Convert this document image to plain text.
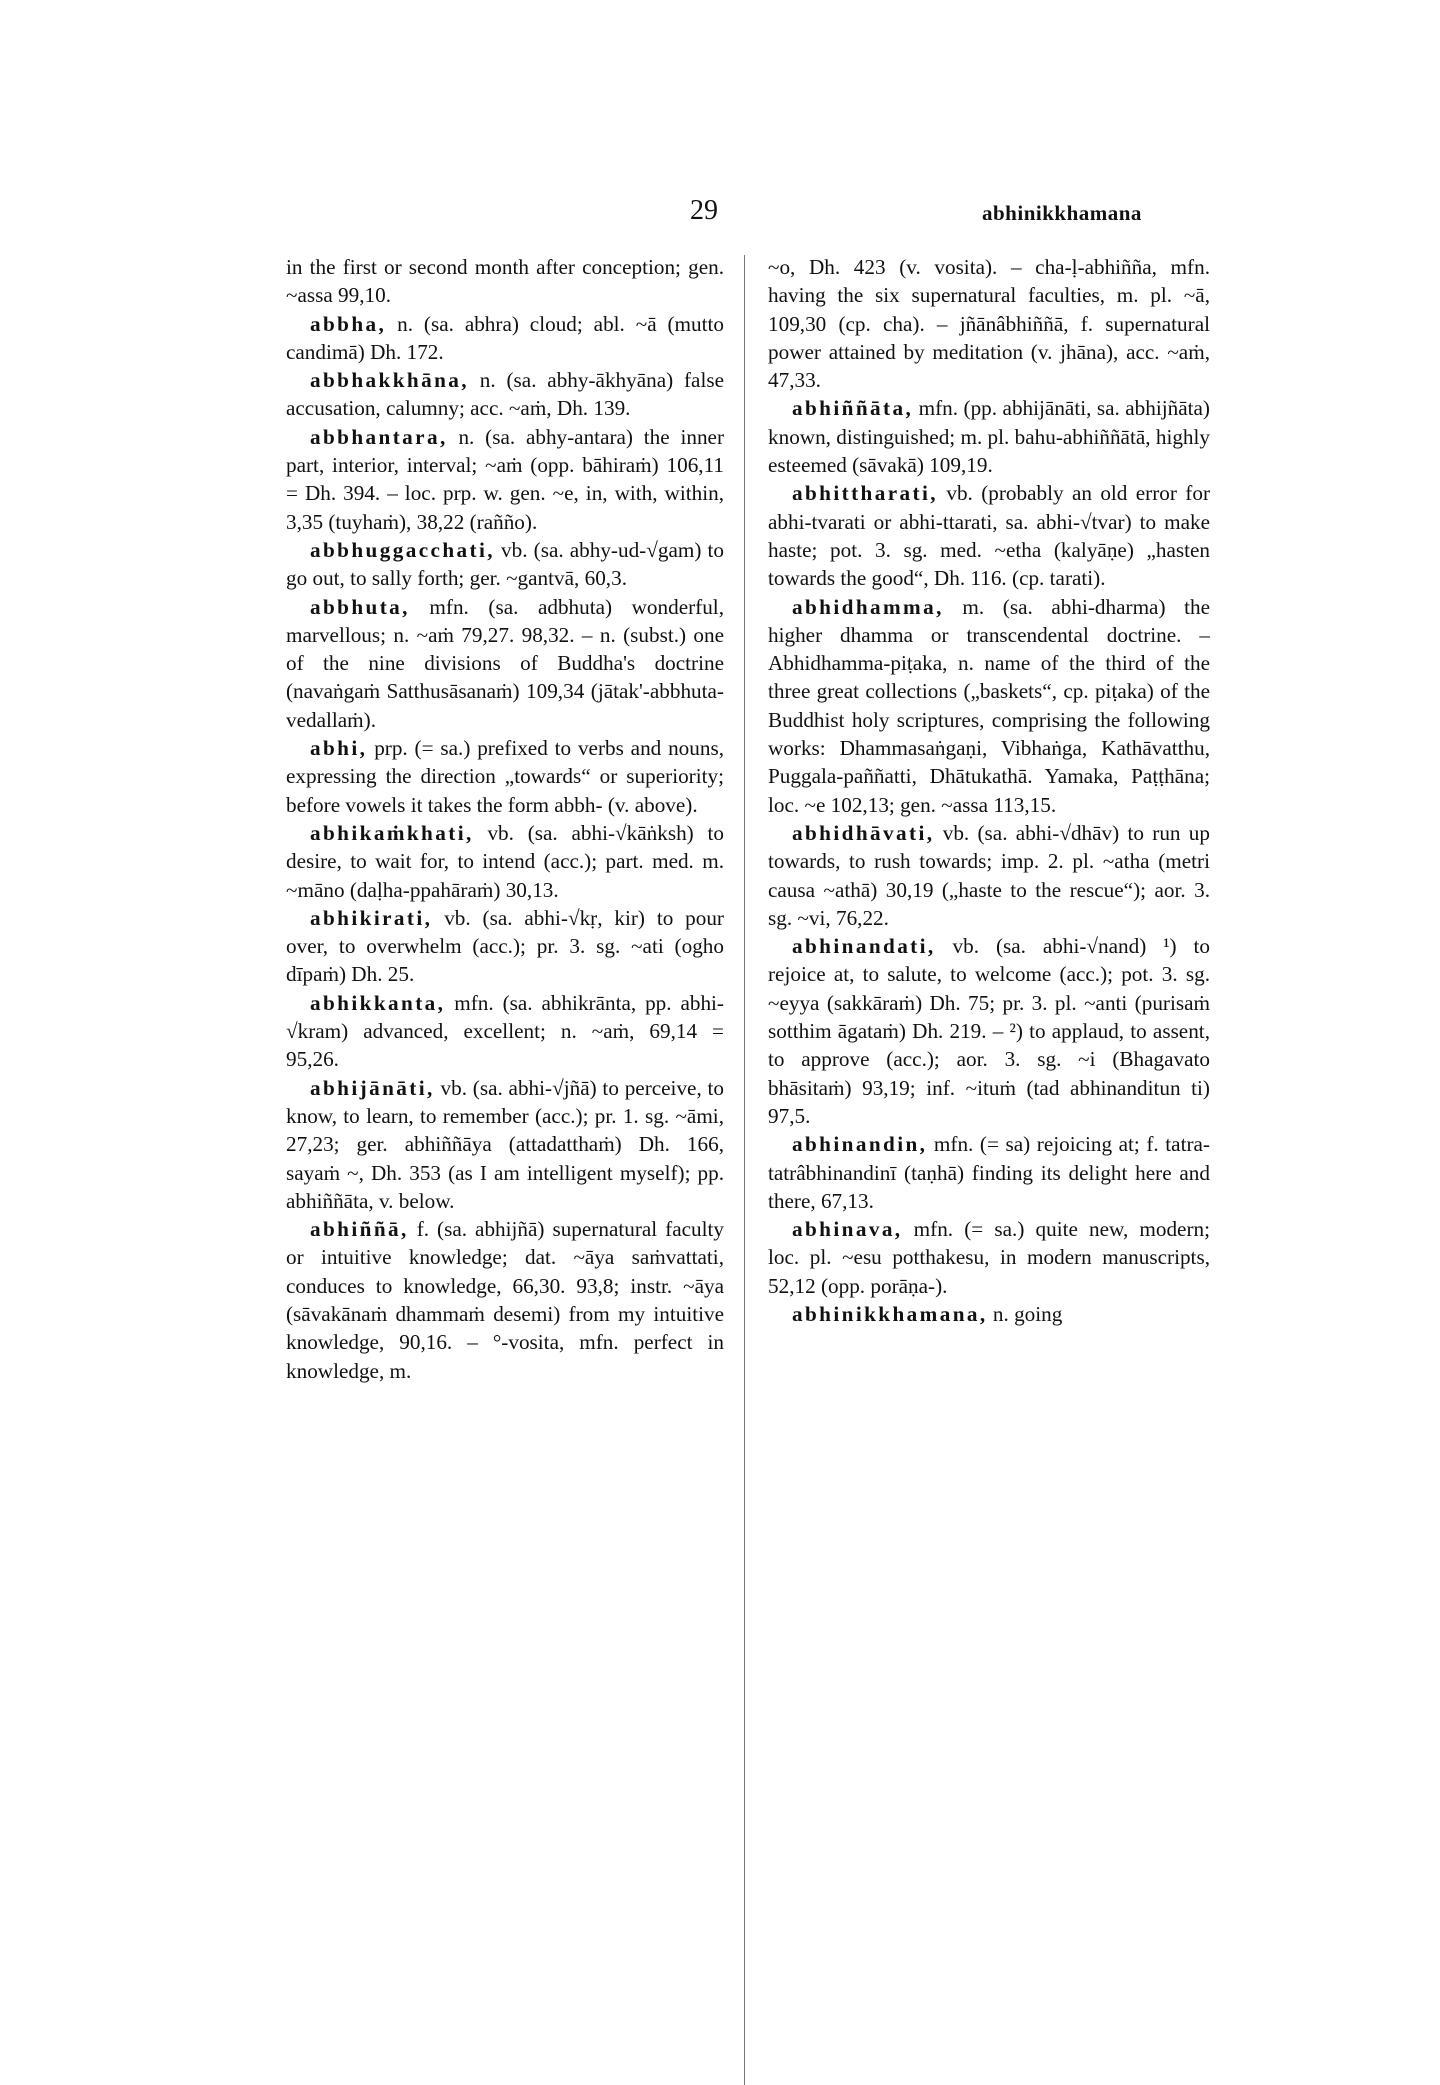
29	abhinikkhamana

in the first or second month after conception; gen. ~assa 99,10.

abbha, n. (sa. abhra) cloud; abl. ~ā (mutto candimā) Dh. 172.

abbhakkhāna, n. (sa. abhy-ākhyāna) false accusation, calumny; acc. ~aṁ, Dh. 139.

abbhantara, n. (sa. abhy-antara) the inner part, interior, interval; ~aṁ (opp. bāhiraṁ) 106,11 = Dh. 394. – loc. prp. w. gen. ~e, in, with, within, 3,35 (tuyhaṁ), 38,22 (rañño).

abbhuggacchati, vb. (sa. abhy-ud-√gam) to go out, to sally forth; ger. ~gantvā, 60,3.

abbhuta, mfn. (sa. adbhuta) wonderful, marvellous; n. ~aṁ 79,27. 98,32. – n. (subst.) one of the nine divisions of Buddha's doctrine (navaṅgaṁ Satthusāsanaṁ) 109,34 (jātak'-abbhuta-vedallaṁ).

abhi, prp. (= sa.) prefixed to verbs and nouns, expressing the direction „towards“ or superiority; before vowels it takes the form abbh- (v. above).

abhikaṁkhati, vb. (sa. abhi-√kāṅksh) to desire, to wait for, to intend (acc.); part. med. m. ~māno (daḷha-ppahāraṁ) 30,13.

abhikirati, vb. (sa. abhi-√kṛ, kir) to pour over, to overwhelm (acc.); pr. 3. sg. ~ati (ogho dīpaṁ) Dh. 25.

abhikkanta, mfn. (sa. abhikrānta, pp. abhi-√kram) advanced, excellent; n. ~aṁ, 69,14 = 95,26.

abhijānāti, vb. (sa. abhi-√jñā) to perceive, to know, to learn, to remember (acc.); pr. 1. sg. ~āmi, 27,23; ger. abhiññāya (attadatthaṁ) Dh. 166, sayaṁ ~, Dh. 353 (as I am intelligent myself); pp. abhiññāta, v. below.

abhiññā, f. (sa. abhijñā) supernatural faculty or intuitive knowledge; dat. ~āya saṁvattati, conduces to knowledge, 66,30. 93,8; instr. ~āya (sāvakānaṁ dhammaṁ desemi) from my intuitive knowledge, 90,16. – °-vosita, mfn. perfect in knowledge, m.

~o, Dh. 423 (v. vosita). – cha-ḷ-abhiñña, mfn. having the six supernatural faculties, m. pl. ~ā, 109,30 (cp. cha). – jñānâbhiññā, f. supernatural power attained by meditation (v. jhāna), acc. ~aṁ, 47,33.

abhiññāta, mfn. (pp. abhijānāti, sa. abhijñāta) known, distinguished; m. pl. bahu-abhiññātā, highly esteemed (sāvakā) 109,19.

abhittharati, vb. (probably an old error for abhi-tvarati or abhi-ttarati, sa. abhi-√tvar) to make haste; pot. 3. sg. med. ~etha (kalyāṇe) „hasten towards the good“, Dh. 116. (cp. tarati).

abhidhamma, m. (sa. abhi-dharma) the higher dhamma or transcendental doctrine. – Abhidhamma-piṭaka, n. name of the third of the three great collections („baskets“, cp. piṭaka) of the Buddhist holy scriptures, comprising the following works: Dhammasaṅgaṇi, Vibhaṅga, Kathāvatthu, Puggala-paññatti, Dhātukathā. Yamaka, Paṭṭhāna; loc. ~e 102,13; gen. ~assa 113,15.

abhidhāvati, vb. (sa. abhi-√dhāv) to run up towards, to rush towards; imp. 2. pl. ~atha (metri causa ~athā) 30,19 („haste to the rescue“); aor. 3. sg. ~vi, 76,22.

abhinandati, vb. (sa. abhi-√nand) ¹) to rejoice at, to salute, to welcome (acc.); pot. 3. sg. ~eyya (sakkāraṁ) Dh. 75; pr. 3. pl. ~anti (purisaṁ sotthim āgataṁ) Dh. 219. – ²) to applaud, to assent, to approve (acc.); aor. 3. sg. ~i (Bhagavato bhāsitaṁ) 93,19; inf. ~ituṁ (tad abhinanditun ti) 97,5.

abhinandin, mfn. (= sa) rejoicing at; f. tatra-tatrâbhinandinī (taṇhā) finding its delight here and there, 67,13.

abhinava, mfn. (= sa.) quite new, modern; loc. pl. ~esu potthakesu, in modern manuscripts, 52,12 (opp. porāṇa-).

abhinikkhamana, n. going
